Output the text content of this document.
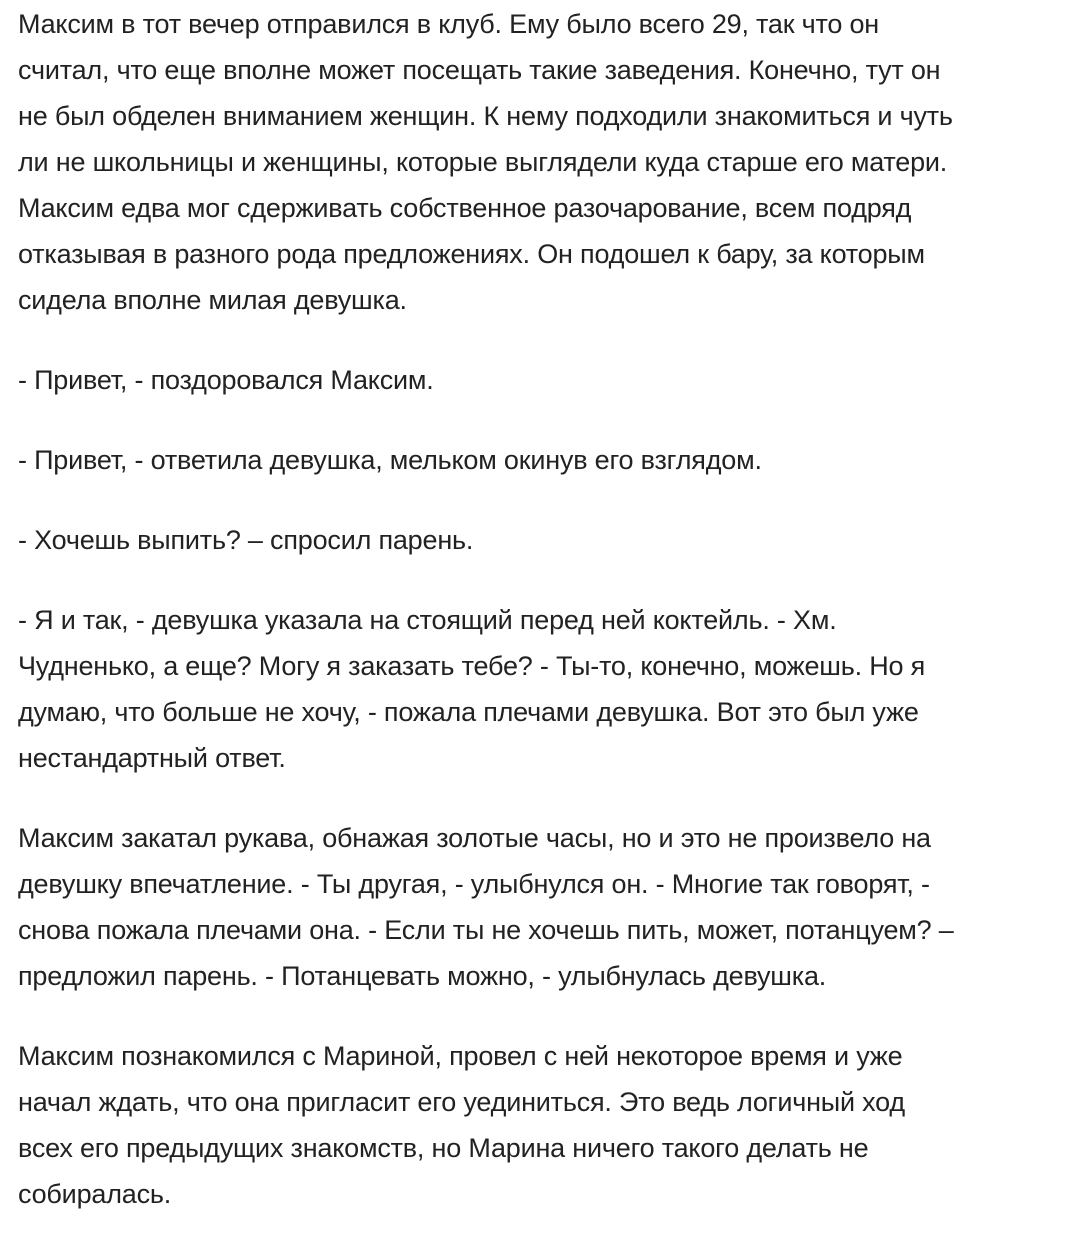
Максим в тот вечер отправился в клуб. Ему было всего 29, так что он
считал, что еще вполне может посещать такие заведения. Конечно, тут он
не был обделен вниманием женщин. К нему подходили знакомиться и чуть
ли не школьницы и женщины, которые выглядели куда старше его матери.
Максим едва мог сдерживать собственное разочарование, всем подряд
отказывая в разного рода предложениях. Он подошел к бару, за которым
сидела вполне милая девушка.

- Привет, - поздоровался Максим.

- Привет, - ответила девушка, мельком окинув его взглядом.

- Хочешь выпить? – спросил парень.

- Я и так, - девушка указала на стоящий перед ней коктейль. - Хм.
Чудненько, а еще? Могу я заказать тебе? - Ты-то, конечно, можешь. Но я
думаю, что больше не хочу, - пожала плечами девушка. Вот это был уже
нестандартный ответ.

Максим закатал рукава, обнажая золотые часы, но и это не произвело на
девушку впечатление. - Ты другая, - улыбнулся он. - Многие так говорят, -
снова пожала плечами она. - Если ты не хочешь пить, может, потанцуем? –
предложил парень. - Потанцевать можно, - улыбнулась девушка.

Максим познакомился с Мариной, провел с ней некоторое время и уже
начал ждать, что она пригласит его уединиться. Это ведь логичный ход
всех его предыдущих знакомств, но Марина ничего такого делать не
собиралась.
